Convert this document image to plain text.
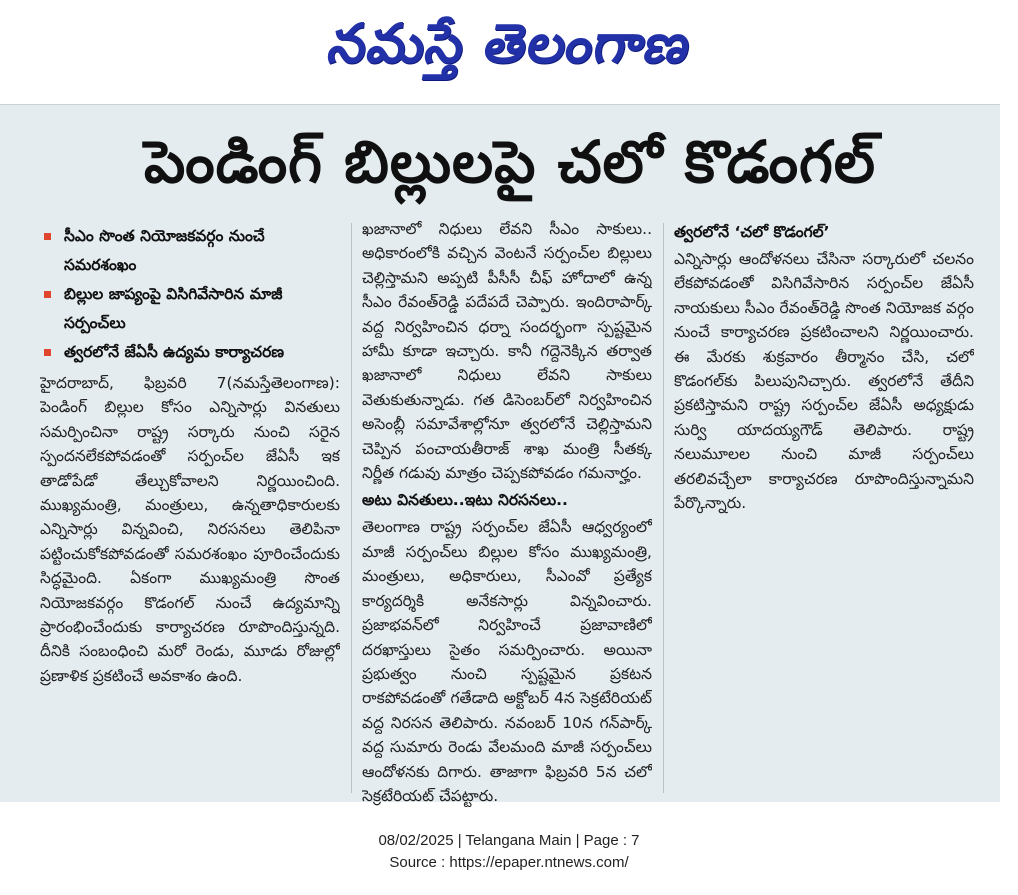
నమస్తే తెలంగాణ
పెండింగ్ బిల్లులపై చలో కొడంగల్
సీఎం సొంత నియోజకవర్గం నుంచే సమరశంఖం
బిల్లుల జాప్యంపై విసిగివేసారిన మాజీ సర్పంచ్‌లు
త్వరలోనే జేఏసీ ఉద్యమ కార్యాచరణ

హైదరాబాద్, ఫిబ్రవరి 7(నమస్తేతెలంగాణ): పెండింగ్ బిల్లుల కోసం ఎన్నిసార్లు వినతులు సమర్పించినా రాష్ట్ర సర్కారు నుంచి సరైన స్పందనలేకపోవడంతో సర్పంచ్‌ల జేఏసీ ఇక తాడోపేడో తేల్చుకోవాలని నిర్ణయించింది. ముఖ్యమంత్రి, మంత్రులు, ఉన్నతాధికారులకు ఎన్నిసార్లు విన్నవించి, నిరసనలు తెలిపినా పట్టించుకోకపోవడంతో సమరశంఖం పూరించేందుకు సిద్ధమైంది. ఏకంగా ముఖ్యమంత్రి సొంత నియోజకవర్గం కొడంగల్ నుంచే ఉద్యమాన్ని ప్రారంభించేందుకు కార్యాచరణ రూపొందిస్తున్నది. దీనికి సంబంధించి మరో రెండు, మూడు రోజుల్లో ప్రణాళిక ప్రకటించే అవకాశం ఉంది.

ఖజానాలో నిధులు లేవని సీఎం సాకులు.. అధికారంలోకి వచ్చిన వెంటనే సర్పంచ్‌ల బిల్లులు చెల్లిస్తామని అప్పటి పీసీసీ చీఫ్ హోదాలో ఉన్న సీఎం రేవంత్‌రెడ్డి పదేపదే చెప్పారు. ఇందిరాపార్క్ వద్ద నిర్వహించిన ధర్నా సందర్భంగా స్పష్టమైన హామీ కూడా ఇచ్చారు. కానీ గద్దెనెక్కిన తర్వాత ఖజానాలో నిధులు లేవని సాకులు వెతుకుతున్నాడు. గత డిసెంబర్‌లో నిర్వహించిన అసెంబ్లీ సమావేశాల్లోనూ త్వరలోనే చెల్లిస్తామని చెప్పిన పంచాయతీరాజ్ శాఖ మంత్రి సీతక్క నిర్ణీత గడువు మాత్రం చెప్పకపోవడం గమనార్హం.

అటు వినతులు..ఇటు నిరసనలు..

తెలంగాణ రాష్ట్ర సర్పంచ్‌ల జేఏసీ ఆధ్వర్యంలో మాజీ సర్పంచ్‌లు బిల్లుల కోసం ముఖ్యమంత్రి, మంత్రులు, అధికారులు, సీఎంవో ప్రత్యేక కార్యదర్శికి అనేకసార్లు విన్నవించారు. ప్రజాభవన్‌లో నిర్వహించే ప్రజావాణిలో దరఖాస్తులు సైతం సమర్పించారు. అయినా ప్రభుత్వం నుంచి స్పష్టమైన ప్రకటన రాకపోవడంతో గతేడాది అక్టోబర్ 4న సెక్రటేరియట్ వద్ద నిరసన తెలిపారు. నవంబర్ 10న గన్‌పార్క్ వద్ద సుమారు రెండు వేలమంది మాజీ సర్పంచ్‌లు ఆందోళనకు దిగారు. తాజాగా ఫిబ్రవరి 5న చలో సెక్రటేరియట్ చేపట్టారు.

త్వరలోనే ‘చలో కొడంగల్’

ఎన్నిసార్లు ఆందోళనలు చేసినా సర్కారులో చలనం లేకపోవడంతో విసిగివేసారిన సర్పంచ్‌ల జేఏసీ నాయకులు సీఎం రేవంత్‌రెడ్డి సొంత నియోజక వర్గం నుంచే కార్యాచరణ ప్రకటించాలని నిర్ణయించారు. ఈ మేరకు శుక్రవారం తీర్మానం చేసి, చలో కొడంగల్‌కు పిలుపునిచ్చారు. త్వరలోనే తేదీని ప్రకటిస్తామని రాష్ట్ర సర్పంచ్‌ల జేఏసీ అధ్యక్షుడు సుర్వి యాదయ్యగౌడ్ తెలిపారు. రాష్ట్ర నలుమూలల నుంచి మాజీ సర్పంచ్‌లు తరలివచ్చేలా కార్యాచరణ రూపొందిస్తున్నామని పేర్కొన్నారు.

08/02/2025 | Telangana Main | Page : 7
Source : https://epaper.ntnews.com/
